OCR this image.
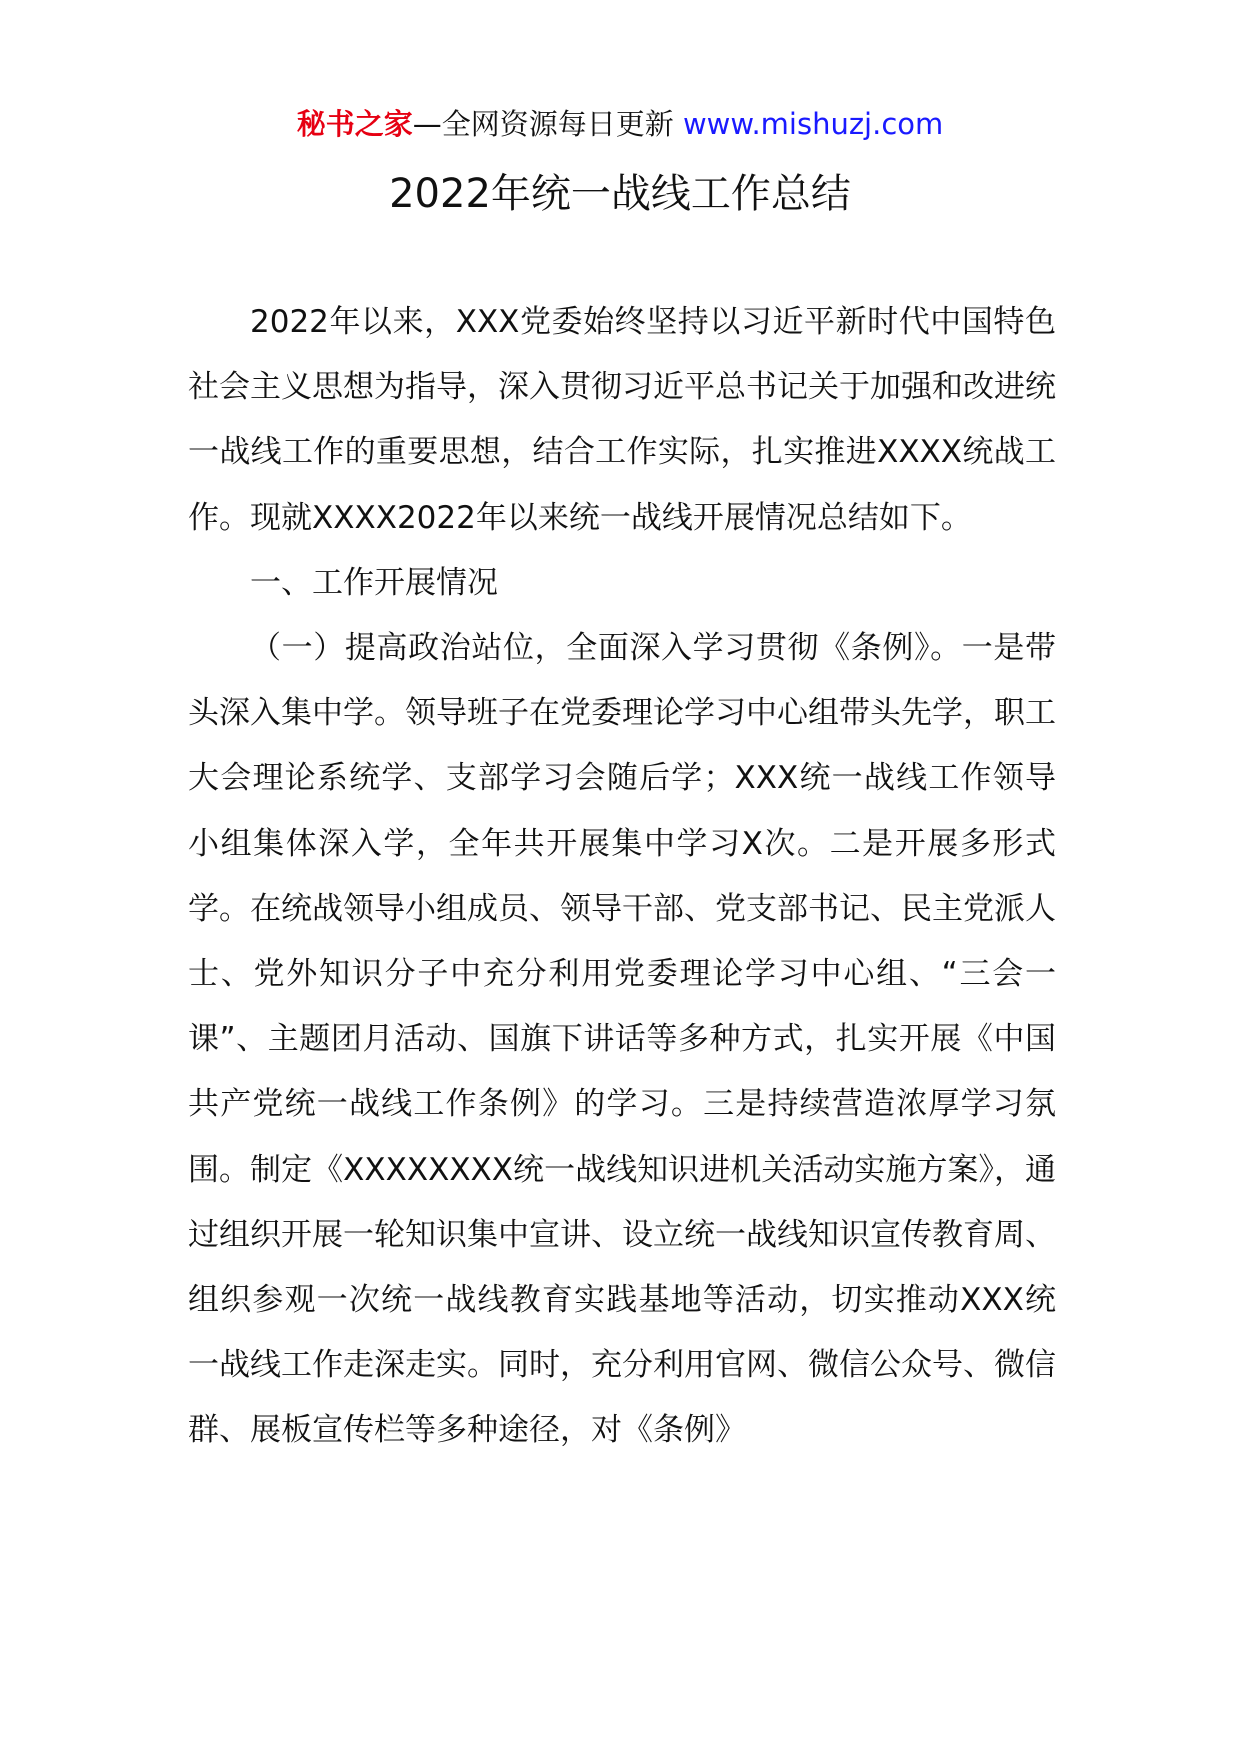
秘书之家—全网资源每日更新 www.mishuzj.com
2022年统一战线工作总结

2022年以来，XXX党委始终坚持以习近平新时代中国特色社会主义思想为指导，深入贯彻习近平总书记关于加强和改进统一战线工作的重要思想，结合工作实际，扎实推进XXXX统战工作。现就XXXX2022年以来统一战线开展情况总结如下。

一、工作开展情况

（一）提高政治站位，全面深入学习贯彻《条例》。一是带头深入集中学。领导班子在党委理论学习中心组带头先学，职工大会理论系统学、支部学习会随后学；XXX统一战线工作领导小组集体深入学，全年共开展集中学习X次。二是开展多形式学。在统战领导小组成员、领导干部、党支部书记、民主党派人士、党外知识分子中充分利用党委理论学习中心组、“三会一课”、主题团月活动、国旗下讲话等多种方式，扎实开展《中国共产党统一战线工作条例》的学习。三是持续营造浓厚学习氛围。制定《XXXXXXXX统一战线知识进机关活动实施方案》，通过组织开展一轮知识集中宣讲、设立统一战线知识宣传教育周、组织参观一次统一战线教育实践基地等活动，切实推动XXX统一战线工作走深走实。同时，充分利用官网、微信公众号、微信群、展板宣传栏等多种途径，对《条例》
